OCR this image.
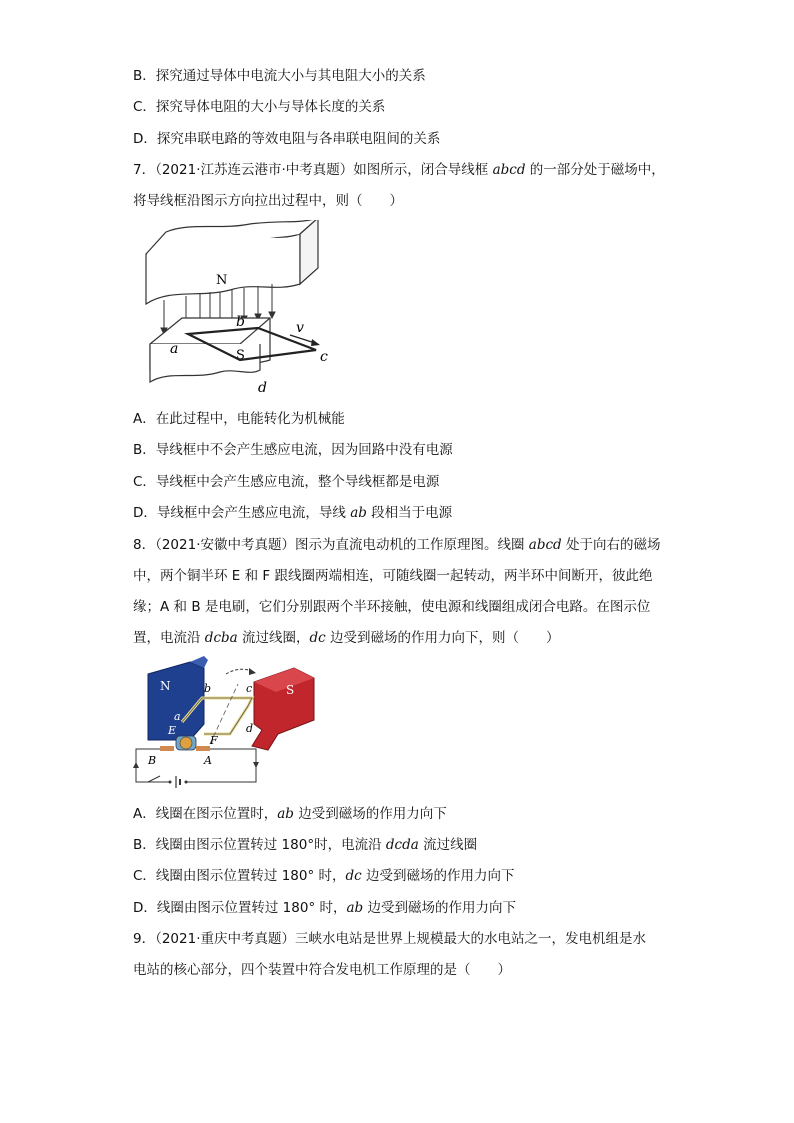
B．探究通过导体中电流大小与其电阻大小的关系
C．探究导体电阻的大小与导体长度的关系
D．探究串联电路的等效电阻与各串联电阻间的关系
7．（2021·江苏连云港市·中考真题）如图所示，闭合导线框 abcd 的一部分处于磁场中，
将导线框沿图示方向拉出过程中，则（　　）
N
S
a
b
c
d
v
A．在此过程中，电能转化为机械能
B．导线框中不会产生感应电流，因为回路中没有电源
C．导线框中会产生感应电流，整个导线框都是电源
D．导线框中会产生感应电流，导线 ab 段相当于电源
8．（2021·安徽中考真题）图示为直流电动机的工作原理图。线圈 abcd 处于向右的磁场
中，两个铜半环 E 和 F 跟线圈两端相连，可随线圈一起转动，两半环中间断开，彼此绝
缘；A 和 B 是电刷，它们分别跟两个半环接触，使电源和线圈组成闭合电路。在图示位
置，电流沿 dcba 流过线圈，dc 边受到磁场的作用力向下，则（　　）
N	S
b	c
a
d
E
F
B	A
A．线圈在图示位置时，ab 边受到磁场的作用力向下
B．线圈由图示位置转过 180°时，电流沿 dcda 流过线圈
C．线圈由图示位置转过 180° 时，dc 边受到磁场的作用力向下
D．线圈由图示位置转过 180° 时，ab 边受到磁场的作用力向下
9．（2021·重庆中考真题）三峡水电站是世界上规模最大的水电站之一，发电机组是水
电站的核心部分，四个装置中符合发电机工作原理的是（　　）
